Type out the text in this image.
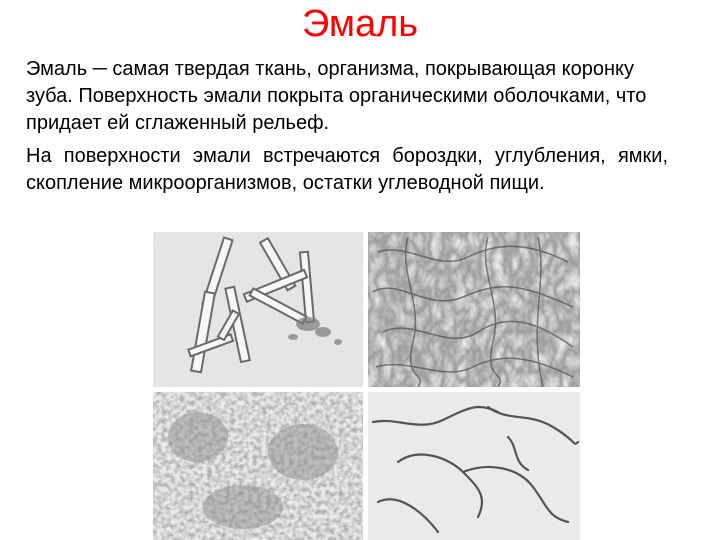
Эмаль

Эмаль ─ самая твердая ткань, организма, покрывающая коронку зуба. Поверхность эмали покрыта органическими оболочками, что придает ей сглаженный рельеф.

На поверхности эмали встречаются бороздки, углубления, ямки, скопление микроорганизмов, остатки углеводной пищи.
